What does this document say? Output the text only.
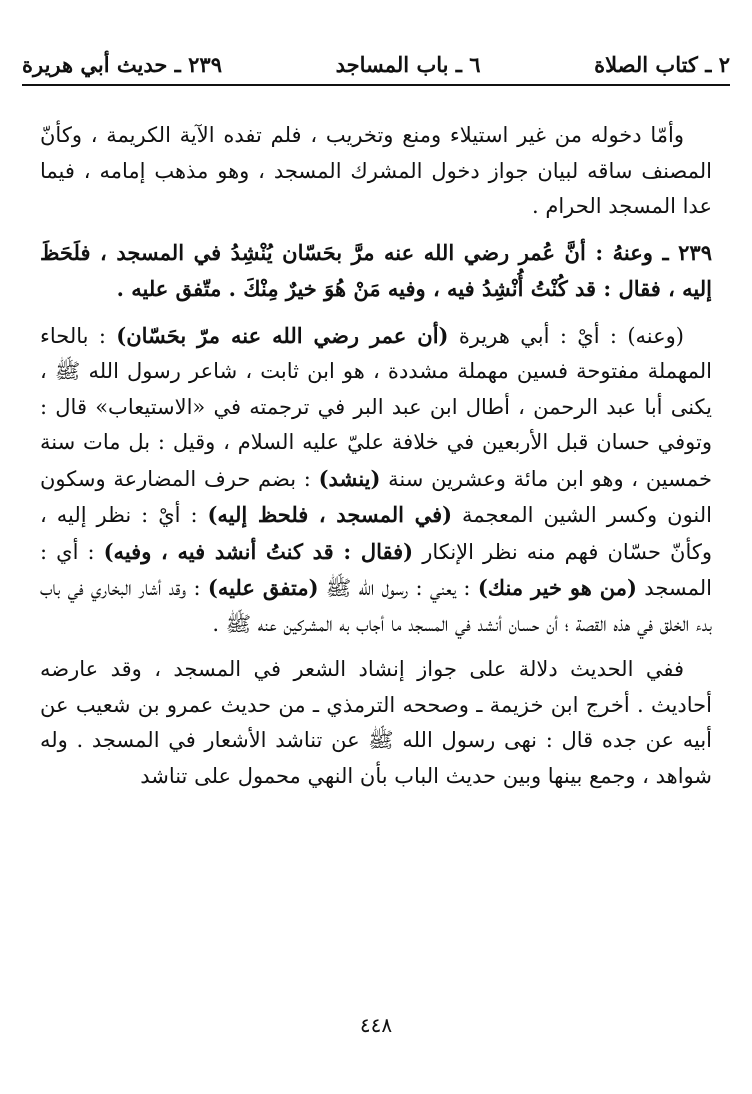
٢ ـ كتاب الصلاة
٦ ـ باب المساجد
٢٣٩ ـ حديث أبي هريرة

وأمّا دخوله من غير استيلاء ومنع وتخريب ، فلم تفده الآية الكريمة ، وكأنّ المصنف ساقه لبيان جواز دخول المشرك المسجد ، وهو مذهب إمامه ، فيما عدا المسجد الحرام .

٢٣٩ ـ وعنهُ : أنَّ عُمر رضي الله عنه مرَّ بحَسّان يُنْشِدُ في المسجد ، فلَحَظَ إليه ، فقال : قد كُنْتُ أُنْشِدُ فيه ، وفيه مَنْ هُوَ خيرٌ مِنْكَ . متّفق عليه .

(وعنه) : أيْ : أبي هريرة (أن عمر رضي الله عنه مرّ بحَسّان) : بالحاء المهملة مفتوحة فسين مهملة مشددة ، هو ابن ثابت ، شاعر رسول الله ﷺ ، يكنى أبا عبد الرحمن ، أطال ابن عبد البر في ترجمته في «الاستيعاب» قال : وتوفي حسان قبل الأربعين في خلافة عليّ عليه السلام ، وقيل : بل مات سنة خمسين ، وهو ابن مائة وعشرين سنة (ينشد) : بضم حرف المضارعة وسكون النون وكسر الشين المعجمة (في المسجد ، فلحظ إليه) : أيْ : نظر إليه ، وكأنّ حسّان فهم منه نظر الإنكار (فقال : قد كنتُ أنشد فيه ، وفيه) : أي : المسجد (من هو خير منك) : يعني : رسول الله ﷺ (متفق عليه) : وقد أشار البخاري في باب بدء الخلق في هذه القصة ؛ أن حسان أنشد في المسجد ما أجاب به المشركين عنه ﷺ .

ففي الحديث دلالة على جواز إنشاد الشعر في المسجد ، وقد عارضه أحاديث . أخرج ابن خزيمة ـ وصححه الترمذي ـ من حديث عمرو بن شعيب عن أبيه عن جده قال : نهى رسول الله ﷺ عن تناشد الأشعار في المسجد . وله شواهد ، وجمع بينها وبين حديث الباب بأن النهي محمول على تناشد

٤٤٨
